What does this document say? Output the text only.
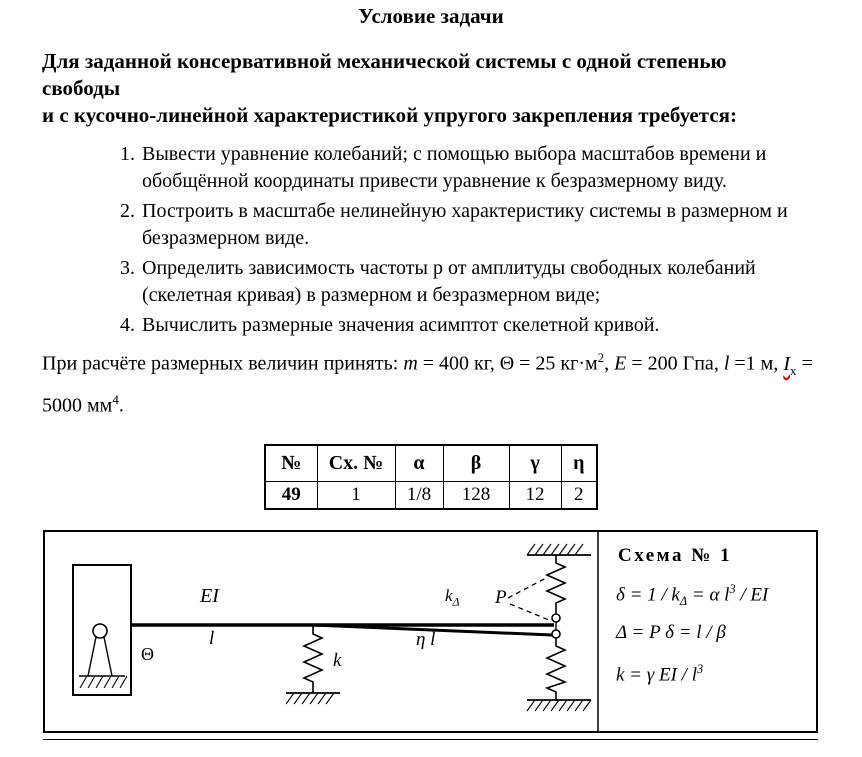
Условие задачи
Для заданной консервативной механической системы с одной степенью
свободы
и с кусочно-линейной характеристикой упругого закрепления требуется:
1. Вывести уравнение колебаний; с помощью выбора масштабов времени и обобщённой координаты привести уравнение к безразмерному виду.
2. Построить в масштабе нелинейную характеристику системы в размерном и безразмерном виде.
3. Определить зависимость частоты p от амплитуды свободных колебаний (скелетная кривая) в размерном и безразмерном виде;
4. Вычислить размерные значения асимптот скелетной кривой.
При расчёте размерных величин принять: m = 400 кг, Θ = 25 $кг\cdot м^2$, E = 200 Гпа, l =1 м, $I_x = 5000$ $мм^4$.
№	Сх. №	α	β	γ	η
49	1	1/8	128	12	2
EI
l
k
η l
$k_\Delta$ P
Θ
Схема № 1
$\delta = 1 / k_\Delta = \alpha$ $l^3$ / EI
Δ = P δ = l / β
k = γ EI / $l^3$
